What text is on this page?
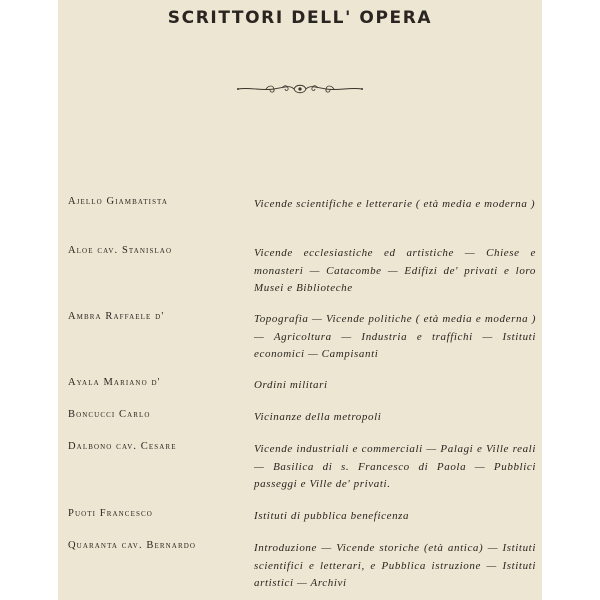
SCRITTORI DELL' OPERA
Ajello Giambatista	Vicende scientifiche e letterarie ( età media e moderna )
Aloe cav. Stanislao	Vicende ecclesiastiche ed artistiche — Chiese e monasteri — Catacombe — Edifizi de' privati e loro Musei e Biblioteche
Ambra Raffaele d'	Topografia — Vicende politiche ( età media e moderna ) — Agricoltura — Industria e traffichi — Istituti economici — Campisanti
Ayala Mariano d'	Ordini militari
Boncucci Carlo	Vicinanze della metropoli
Dalbono cav. Cesare	Vicende industriali e commerciali — Palagi e Ville reali — Basilica di s. Francesco di Paola — Pubblici passeggi e Ville de' privati.
Puoti Francesco	Istituti di pubblica beneficenza
Quaranta cav. Bernardo	Introduzione — Vicende storiche (età antica) — Istituti scientifici e letterari, e Pubblica istruzione — Istituti artistici — Archivi
